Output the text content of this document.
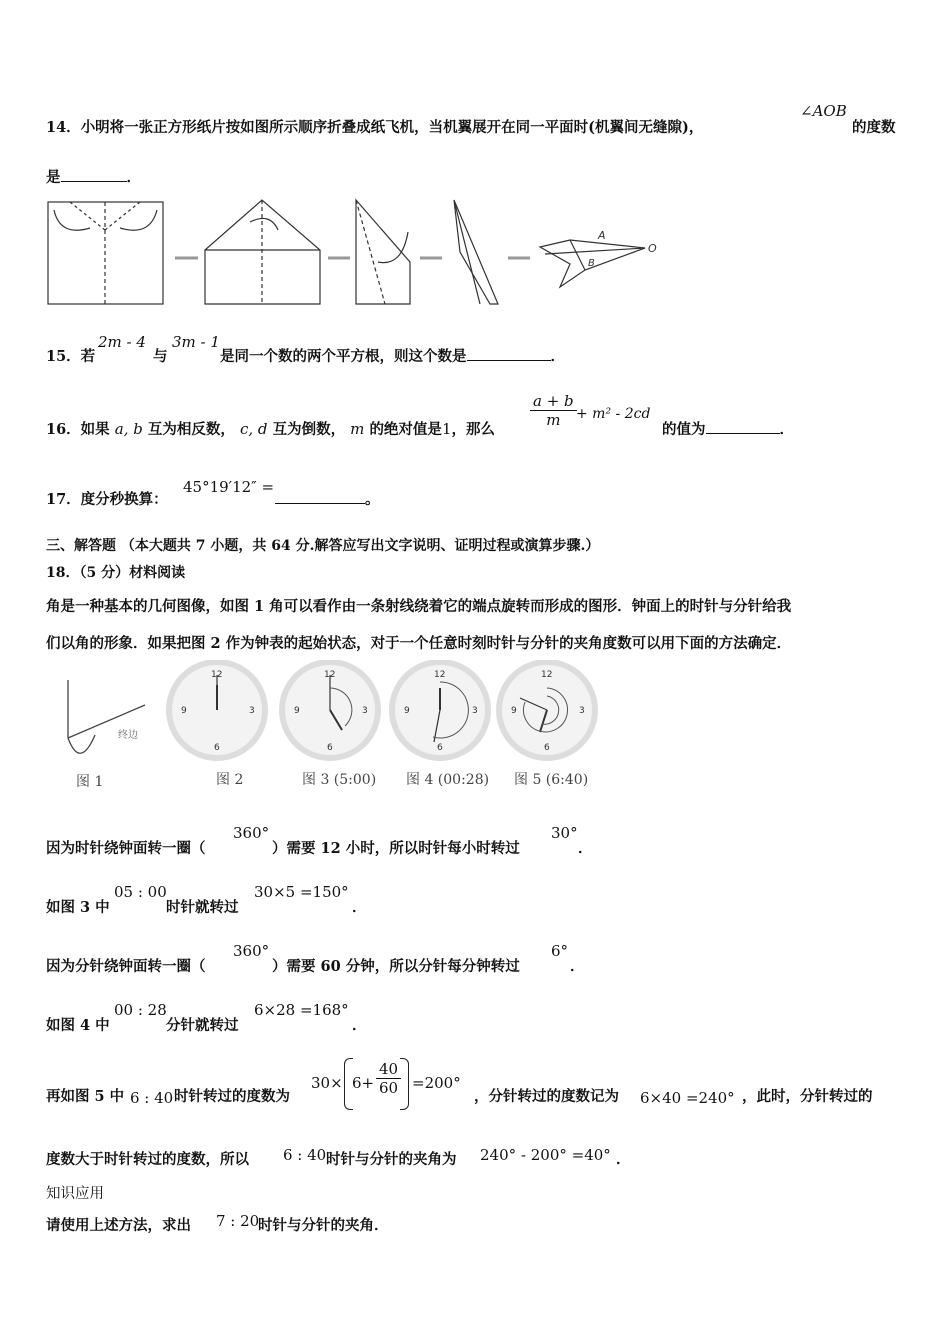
14．小明将一张正方形纸片按如图所示顺序折叠成纸飞机，当机翼展开在同一平面时(机翼间无缝隙)，
∠AOB
的度数
是	．
A
B
O
15．若
2m - 4
与
3m - 1
是同一个数的两个平方根，则这个数是	．
16．如果 a, b 互为相反数， c, d 互为倒数， m 的绝对值是1，那么
$\frac{a + b}{m} + m^2 - 2cd$
的值为	．
17．度分秒换算：
45°19′12″ =
。
三、解答题 （本大题共 7 小题，共 64 分.解答应写出文字说明、证明过程或演算步骤.）
18．（5 分）材料阅读
角是一种基本的几何图像，如图 1 角可以看作由一条射线绕着它的端点旋转而形成的图形．钟面上的时针与分针给我
们以角的形象．如果把图 2 作为钟表的起始状态，对于一个任意时刻时针与分针的夹角度数可以用下面的方法确定．
终边
12
3
6
9
12
3
6
9
12
3
6
9
12
3
6
9
图 1	图 2	图 3 (5:00) 图 4 (00:28) 图 5 (6:40)
因为时针绕钟面转一圈（
360°
）需要 12 小时，所以时针每小时转过
30°
．
如图 3 中
05 : 00
时针就转过
30×5 =150°
．
因为分针绕钟面转一圈（
360°
）需要 60 分钟，所以分针每分钟转过
6°
．
如图 4 中
00 : 28
分针就转过
6×28 =168°
．
再如图 5 中 6 : 40 时针转过的度数为
$30\times 6+ \frac{40}{60} =200^\circ$
，分针转过的度数记为 6×40 =240° ，此时，分针转过的
度数大于时针转过的度数，所以 6 : 40 时针与分针的夹角为 240° - 200° =40° ．
知识应用
请使用上述方法，求出 7 : 20
时针与分针的夹角．
